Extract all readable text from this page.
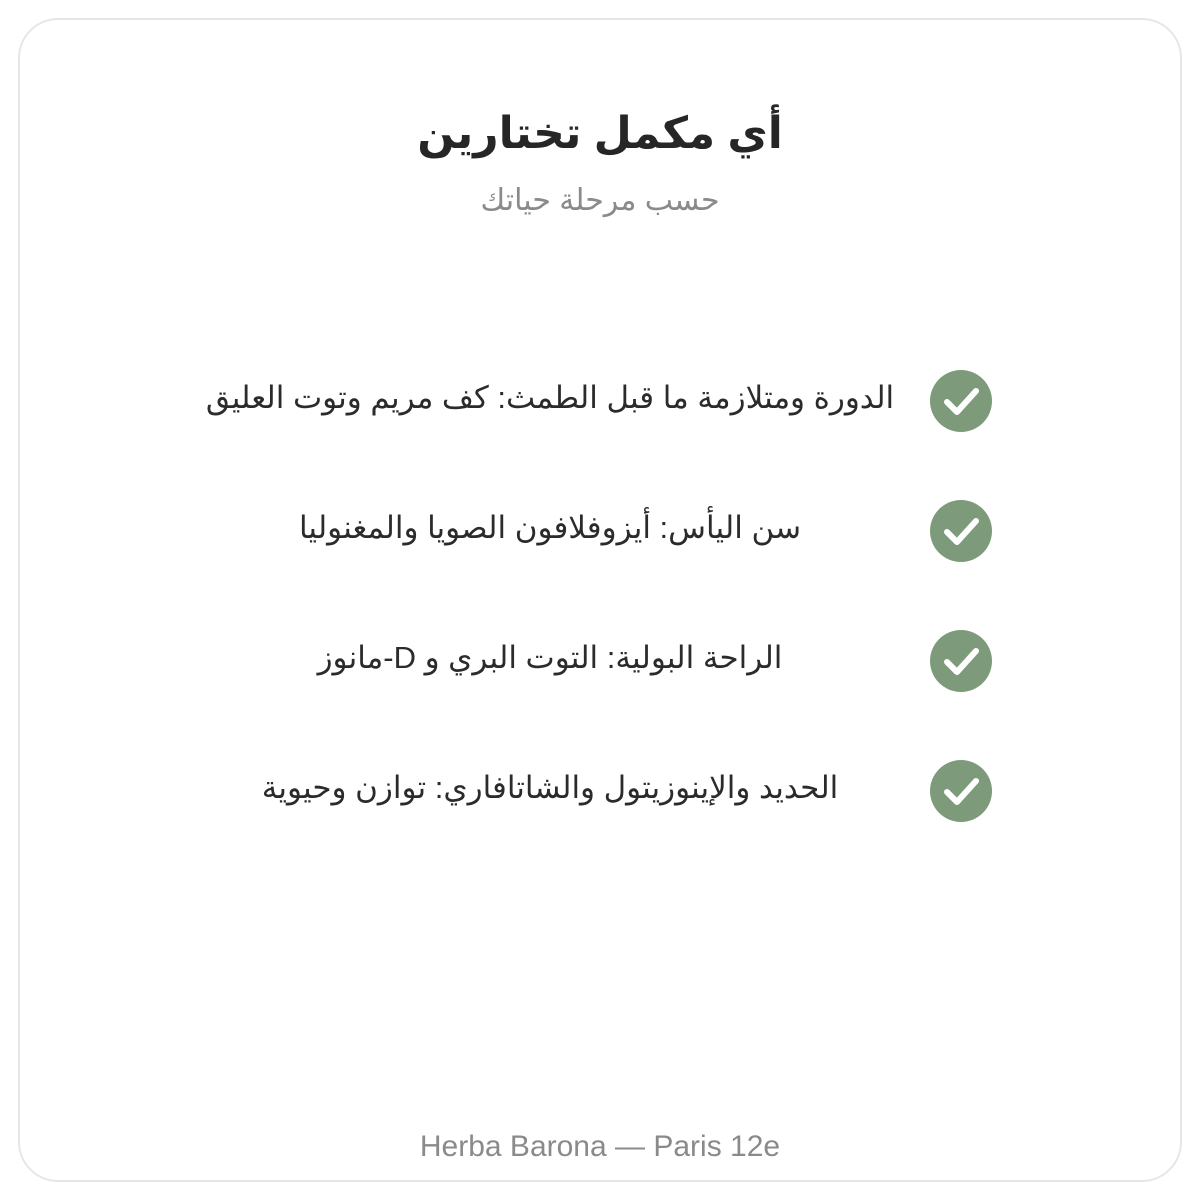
أي مكمل تختارين
حسب مرحلة حياتك
الدورة ومتلازمة ما قبل الطمث: كف مريم وتوت العليق
سن اليأس: أيزوفلافون الصويا والمغنوليا
الراحة البولية: التوت البري و D-مانوز
الحديد والإينوزيتول والشاتافاري: توازن وحيوية
Herba Barona — Paris 12e
